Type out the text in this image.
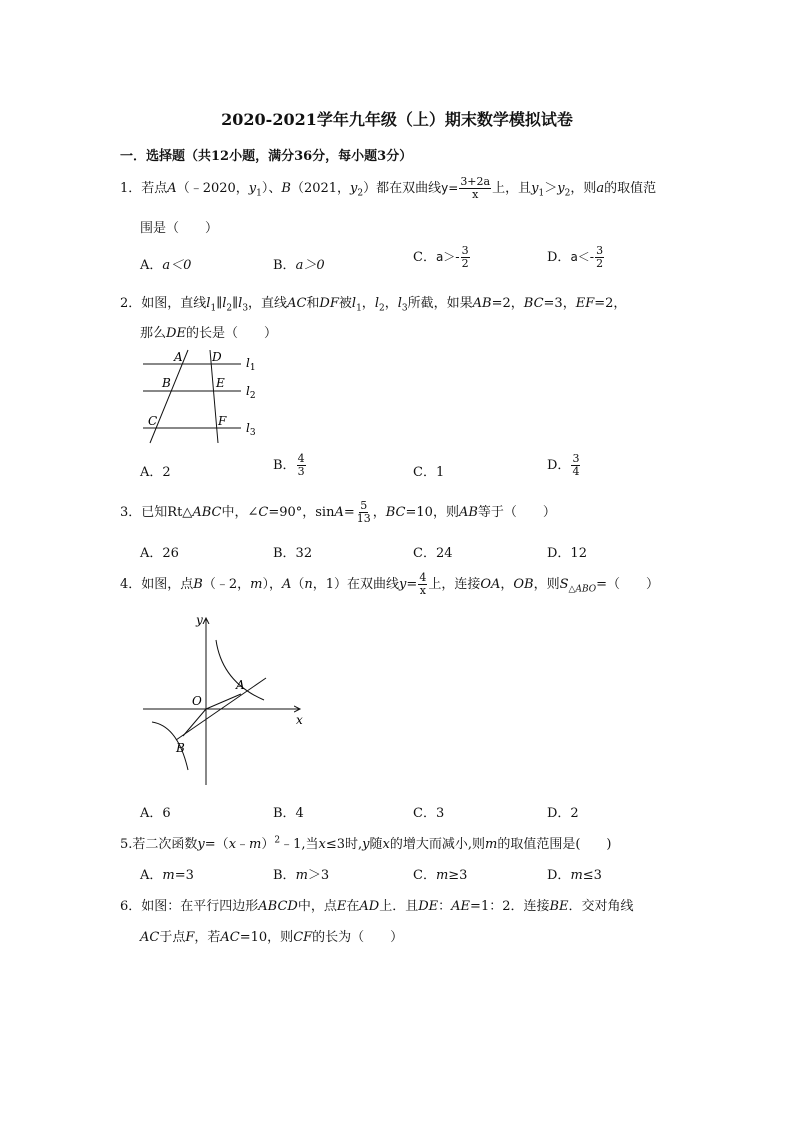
2020-2021学年九年级（上）期末数学模拟试卷
一．选择题（共12小题，满分36分，每小题3分）
1．若点A（﹣2020，$y_1$）、B（2021，$y_2$）都在双曲线$y= \frac{3+2a}{x}$ 上，且$y_1>y_2$，则a的取值范
围是（　　）
A．a＜0	B．a＞0
C．$a>- \frac{3}{2}$	D．$a<- \frac{3}{2}$
2．如图，直线$l_1\parallel l_2\parallel l_3$，直线AC和DF被$l_1$，$l_2$，$l_3$所截，如果AB=2，BC=3，EF=2，
那么DE的长是（　　）
A D
B	E
C	F
$l_1$
$l_2$
$l_3$
A．2	B． $\frac{4}{3}$	C．1	D． $\frac{3}{4}$
3．已知Rt△ABC中，∠C=90°，$\sin A= \frac{5}{13}$ ，BC=10，则AB等于（　　）
A．26	B．32	C．24	D．12
4．如图，点B（﹣2，m），A（n，1）在双曲线$y= \frac{4}{x}$ 上，连接OA，OB，则$S_{\triangle ABO}=$（　　）
y
x
O
A
B
A．6	B．4	C．3	D．2
5.若二次函数y=（x﹣m）$^2$﹣1,当x≤3时,y随x的增大而减小,则m的取值范围是(　　)
A．m=3	B．m＞3	C．m≥3	D．m≤3
6．如图：在平行四边形ABCD中，点E在AD上．且DE：AE=1：2．连接BE．交对角线
AC于点F，若AC=10，则CF的长为（　　）
